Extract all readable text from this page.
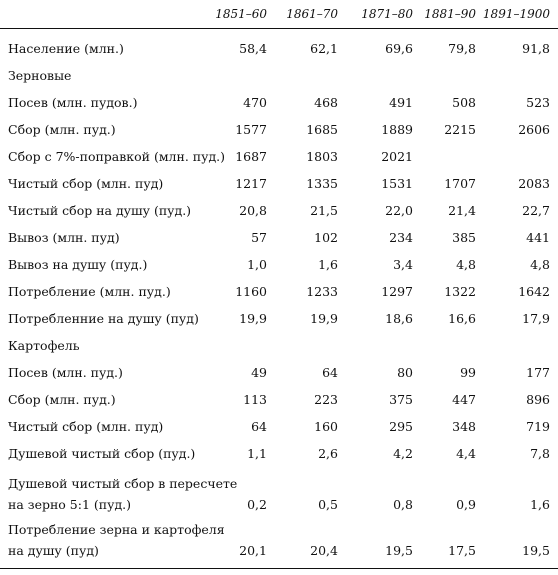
1851–60 1861–70 1871–80 1881–90 1891–1900
Население (млн.)	58,4	62,1	69,6	79,8	91,8
Зерновые
Посев (млн. пудов.)	470	468	491	508	523
Сбор (млн. пуд.)	1577	1685	1889 2215	2606
Сбор с 7%-поправкой (млн. пуд.) 1687	1803	2021
Чистый сбор (млн. пуд)	1217	1335	1531 1707	2083
Чистый сбор на душу (пуд.)	20,8	21,5	22,0	21,4	22,7
Вывоз (млн. пуд)	57	102	234	385	441
Вывоз на душу (пуд.)	1,0	1,6	3,4	4,8	4,8
Потребление (млн. пуд.)	1160	1233	1297 1322	1642
Потребленние на душу (пуд)	19,9	19,9	18,6	16,6	17,9
Картофель
Посев (млн. пуд.)	49	64	80	99	177
Сбор (млн. пуд.)	113	223	375	447	896
Чистый сбор (млн. пуд)	64	160	295	348	719
Душевой чистый сбор (пуд.)	1,1	2,6	4,2	4,4	7,8
Душевой чистый сбор в пересчете на зерно 5:1 (пуд.)	0,2	0,5	0,8	0,9	1,6
Потребление зерна и картофеля на душу (пуд)	20,1	20,4	19,5	17,5	19,5
